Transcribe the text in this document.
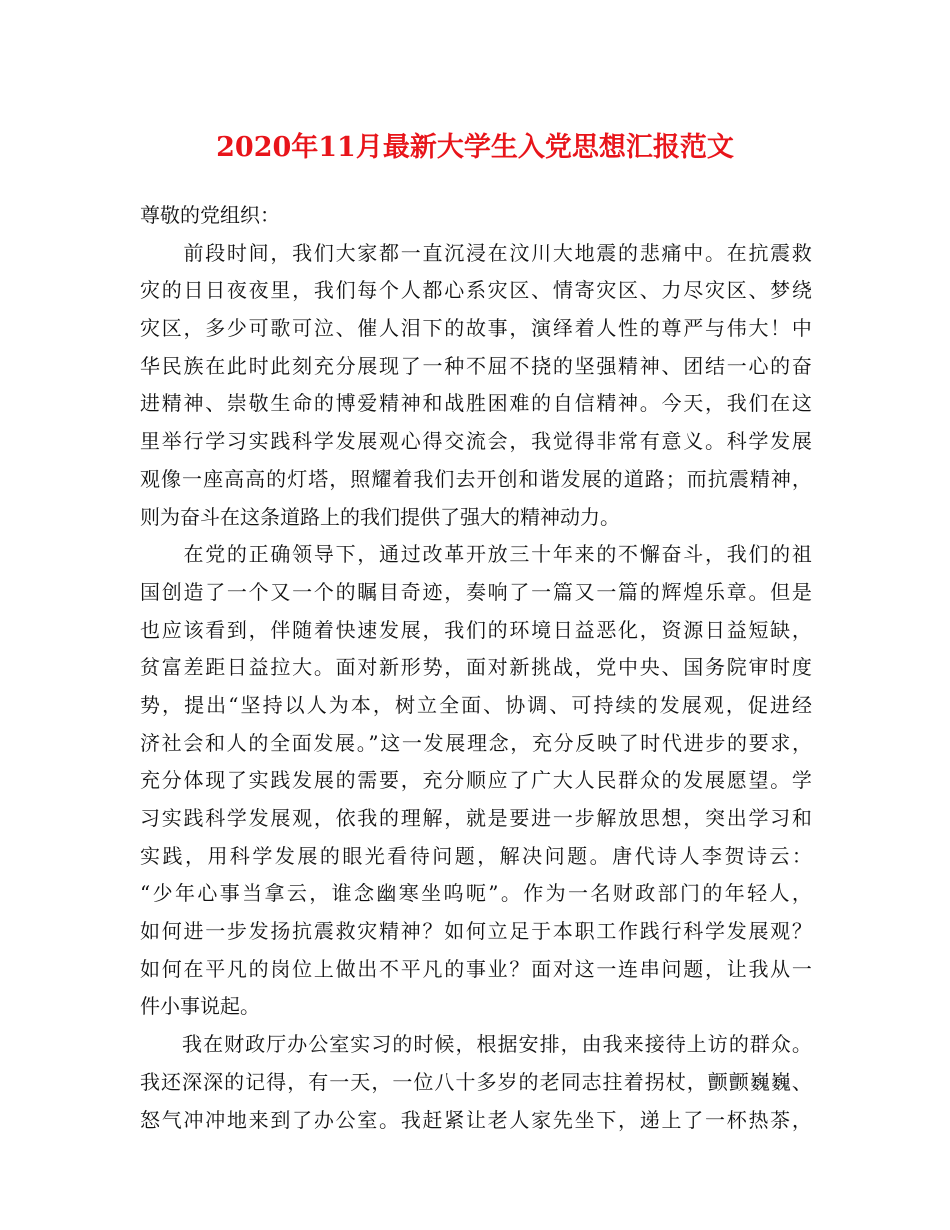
2020年11月最新大学生入党思想汇报范文
尊敬的党组织：
　　前段时间，我们大家都一直沉浸在汶川大地震的悲痛中。在抗震救
灾的日日夜夜里，我们每个人都心系灾区、情寄灾区、力尽灾区、梦绕
灾区，多少可歌可泣、催人泪下的故事，演绎着人性的尊严与伟大！中
华民族在此时此刻充分展现了一种不屈不挠的坚强精神、团结一心的奋
进精神、崇敬生命的博爱精神和战胜困难的自信精神。今天，我们在这
里举行学习实践科学发展观心得交流会，我觉得非常有意义。科学发展
观像一座高高的灯塔，照耀着我们去开创和谐发展的道路；而抗震精神，
则为奋斗在这条道路上的我们提供了强大的精神动力。
　　在党的正确领导下，通过改革开放三十年来的不懈奋斗，我们的祖
国创造了一个又一个的瞩目奇迹，奏响了一篇又一篇的辉煌乐章。但是
也应该看到，伴随着快速发展，我们的环境日益恶化，资源日益短缺，
贫富差距日益拉大。面对新形势，面对新挑战，党中央、国务院审时度
势，提出“坚持以人为本，树立全面、协调、可持续的发展观，促进经
济社会和人的全面发展。”这一发展理念，充分反映了时代进步的要求，
充分体现了实践发展的需要，充分顺应了广大人民群众的发展愿望。学
习实践科学发展观，依我的理解，就是要进一步解放思想，突出学习和
实践，用科学发展的眼光看待问题，解决问题。唐代诗人李贺诗云：
“少年心事当拿云，谁念幽寒坐呜呃”。作为一名财政部门的年轻人，
如何进一步发扬抗震救灾精神？如何立足于本职工作践行科学发展观？
如何在平凡的岗位上做出不平凡的事业？面对这一连串问题，让我从一
件小事说起。
　　我在财政厅办公室实习的时候，根据安排，由我来接待上访的群众。
我还深深的记得，有一天，一位八十多岁的老同志拄着拐杖，颤颤巍巍、
怒气冲冲地来到了办公室。我赶紧让老人家先坐下，递上了一杯热茶，
